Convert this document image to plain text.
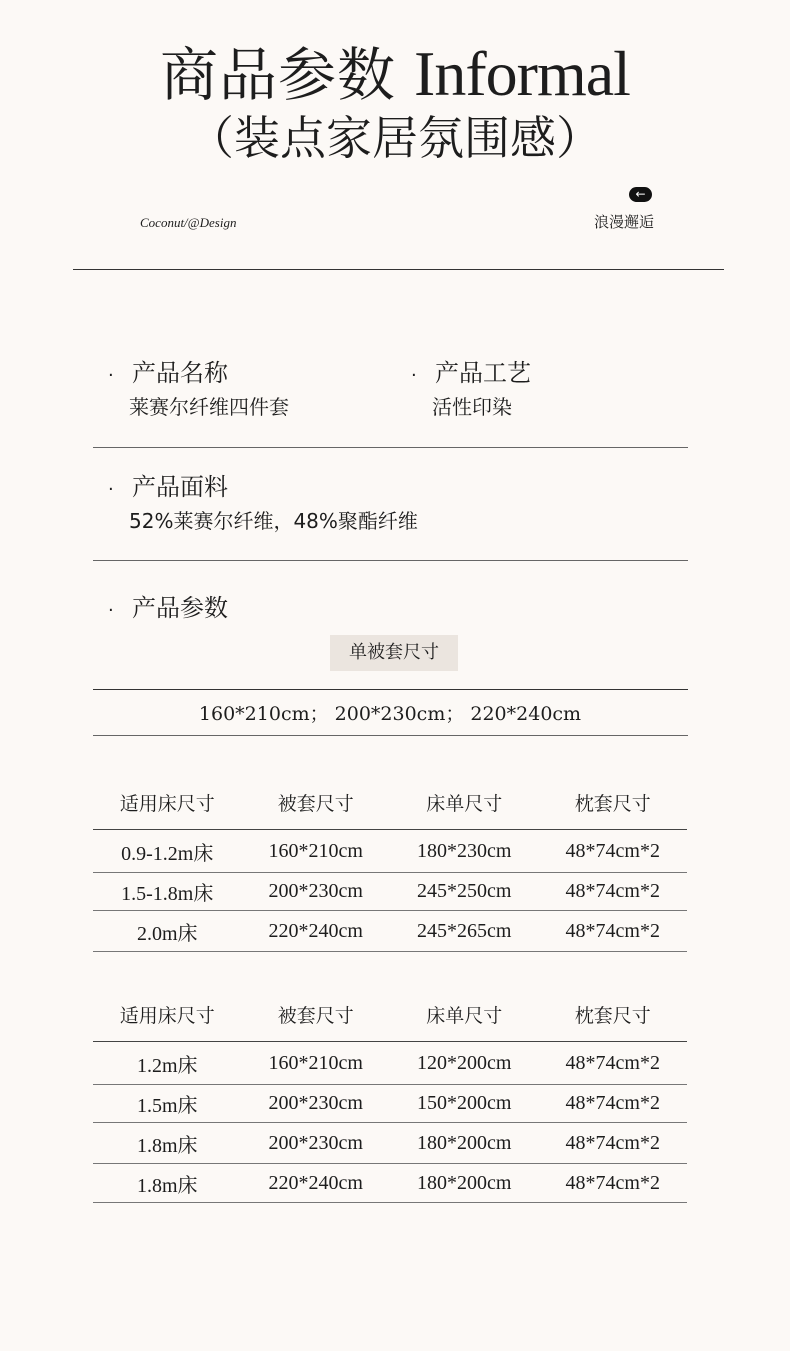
商品参数 Informal
（装点家居氛围感）
Coconut/@Design
←
浪漫邂逅
· 产品名称
莱赛尔纤维四件套
· 产品工艺
活性印染
· 产品面料
52%莱赛尔纤维，48%聚酯纤维
· 产品参数
单被套尺寸
160*210cm； 200*230cm； 220*240cm
适用床尺寸	被套尺寸	床单尺寸	枕套尺寸
0.9-1.2m床	160*210cm	180*230cm	48*74cm*2
1.5-1.8m床	200*230cm	245*250cm	48*74cm*2
2.0m床	220*240cm	245*265cm	48*74cm*2
适用床尺寸	被套尺寸	床单尺寸	枕套尺寸
1.2m床	160*210cm	120*200cm	48*74cm*2
1.5m床	200*230cm	150*200cm	48*74cm*2
1.8m床	200*230cm	180*200cm	48*74cm*2
1.8m床	220*240cm	180*200cm	48*74cm*2
